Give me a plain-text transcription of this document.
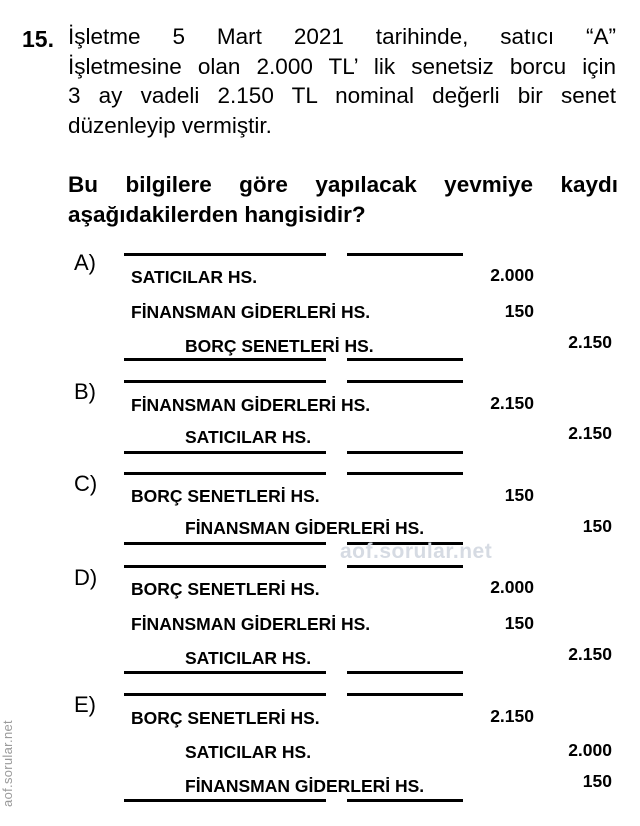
15. İşletme 5 Mart 2021 tarihinde, satıcı “A”
İşletmesine olan 2.000 TL’ lik senetsiz borcu için
3 ay vadeli 2.150 TL nominal değerli bir senet
düzenleyip vermiştir.
Bu bilgilere göre yapılacak yevmiye kaydı
aşağıdakilerden hangisidir?
A)
SATICILAR HS.	2.000
FİNANSMAN GİDERLERİ HS.	150
BORÇ SENETLERİ HS.	2.150
B)
FİNANSMAN GİDERLERİ HS.	2.150
SATICILAR HS.	2.150
C) BORÇ SENETLERİ HS.	150
FİNANSMAN GİDERLERİ HS.	150
aof.sorular.net
D) BORÇ SENETLERİ HS.	2.000
FİNANSMAN GİDERLERİ HS.	150
SATICILAR HS.	2.150
E)
BORÇ SENETLERİ HS.	2.150
SATICILAR HS.	2.000
FİNANSMAN GİDERLERİ HS.	150
aof.sorular.net
